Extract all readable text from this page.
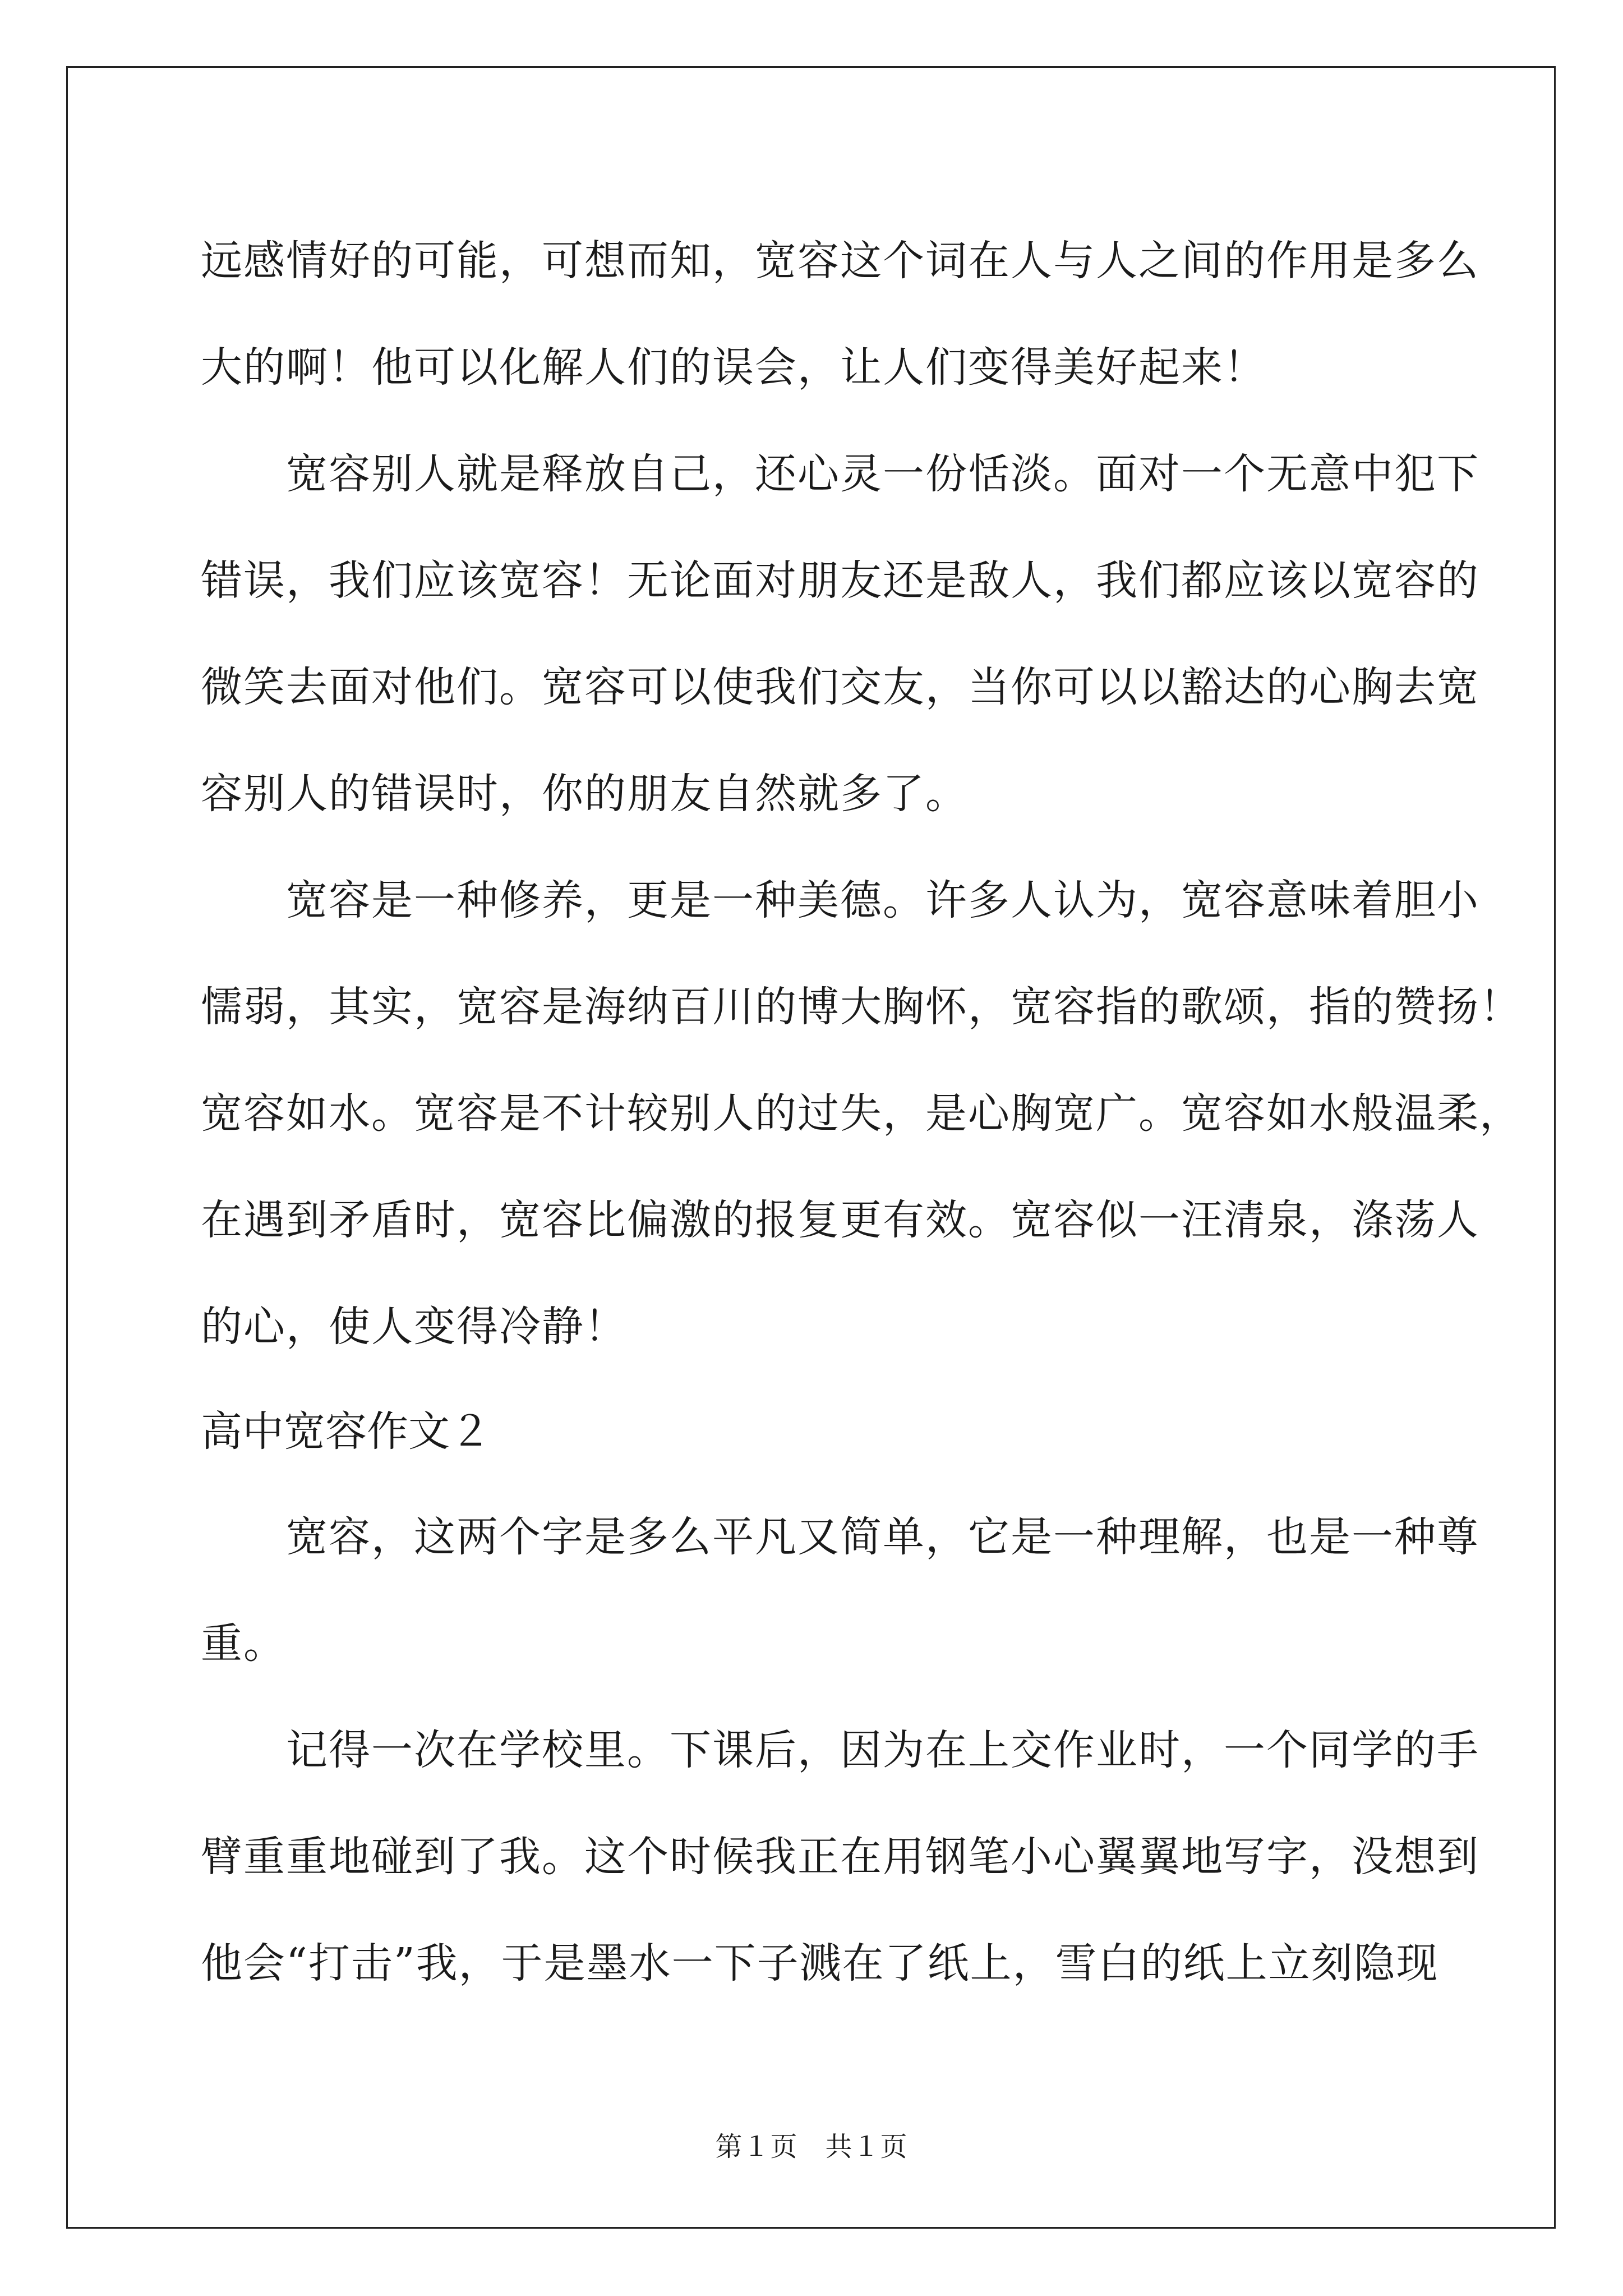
远感情好的可能，可想而知，宽容这个词在人与人之间的作用是多么
大的啊！他可以化解人们的误会，让人们变得美好起来！
宽容别人就是释放自己，还心灵一份恬淡。面对一个无意中犯下
错误，我们应该宽容！无论面对朋友还是敌人，我们都应该以宽容的
微笑去面对他们。宽容可以使我们交友，当你可以以豁达的心胸去宽
容别人的错误时，你的朋友自然就多了。
宽容是一种修养，更是一种美德。许多人认为，宽容意味着胆小
懦弱，其实，宽容是海纳百川的博大胸怀，宽容指的歌颂，指的赞扬！
宽容如水。宽容是不计较别人的过失，是心胸宽广。宽容如水般温柔，
在遇到矛盾时，宽容比偏激的报复更有效。宽容似一汪清泉，涤荡人
的心，使人变得冷静！
高中宽容作文２
宽容，这两个字是多么平凡又简单，它是一种理解，也是一种尊
重。
记得一次在学校里。下课后，因为在上交作业时，一个同学的手
臂重重地碰到了我。这个时候我正在用钢笔小心翼翼地写字，没想到
他会“打击”我，于是墨水一下子溅在了纸上，雪白的纸上立刻隐现
第１页　共１页
